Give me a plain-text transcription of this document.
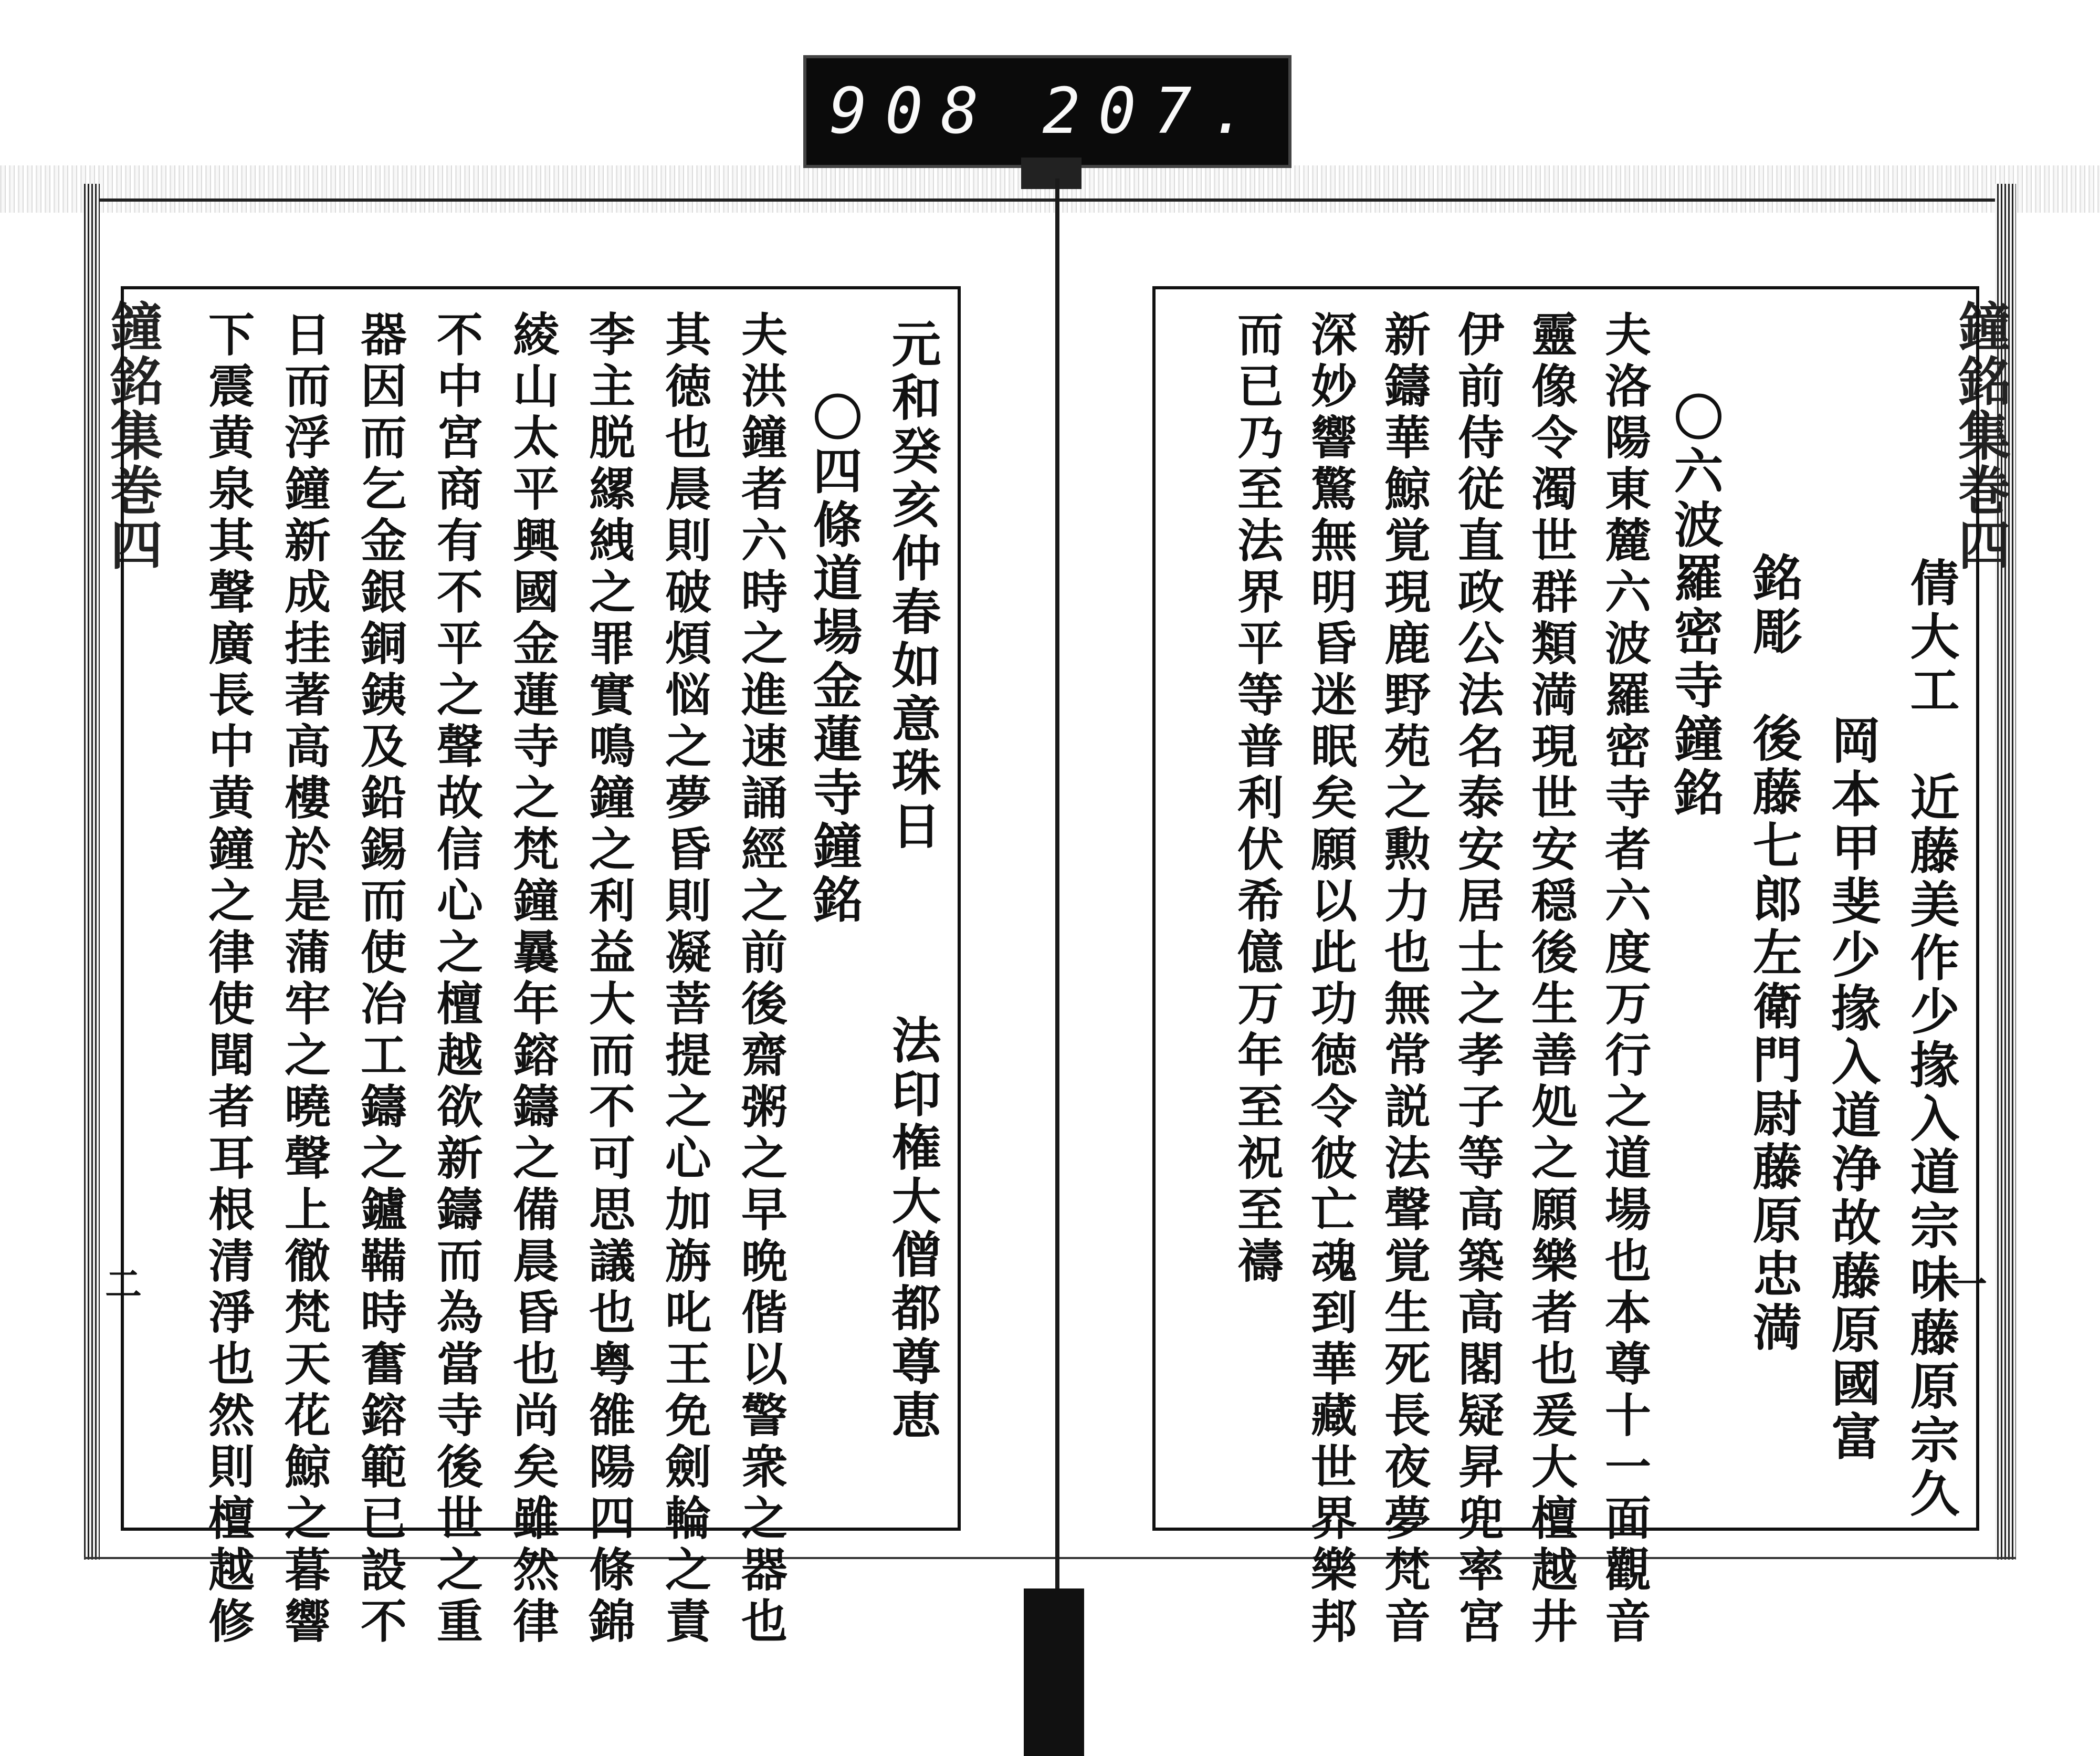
908 207.
鐘銘集巻四
二	元和癸亥仲春如意珠日　　　法印権大僧都尊恵
〇四條道場金蓮寺鐘銘
夫洪鐘者六時之進速誦經之前後齋粥之早晩偕以警衆之器也
其徳也晨則破煩悩之夢昏則凝菩提之心加旃叱王免劍輪之責
李主脱縲絏之罪實鳴鐘之利益大而不可思議也粤雒陽四條錦
綾山太平興國金蓮寺之梵鐘曩年鎔鑄之備晨昏也尚矣雖然律
不中宮商有不平之聲故信心之檀越欲新鑄而為當寺後世之重
器因而乞金銀銅銕及鉛錫而使冶工鑄之鑪鞴時奮鎔範已設不
日而浮鐘新成挂著高樓於是蒲牢之曉聲上徹梵天花鯨之暮響
下震黄泉其聲廣長中黄鐘之律使聞者耳根清淨也然則檀越修	鐘銘集巻四
一
倩大工　近藤美作少掾入道宗味藤原宗久
岡本甲斐少掾入道浄故藤原國富
銘彫　後藤七郎左衛門尉藤原忠満
〇六波羅密寺鐘銘
夫洛陽東麓六波羅密寺者六度万行之道場也本尊十一面觀音
靈像令濁世群類満現世安穏後生善処之願樂者也爰大檀越井
伊前侍従直政公法名泰安居士之孝子等高築高閣疑昇兜率宮
新鑄華鯨覚現鹿野苑之勲力也無常説法聲覚生死長夜夢梵音
深妙響驚無明昏迷眠矣願以此功徳令彼亡魂到華藏世界樂邦
而已乃至法界平等普利伏希億万年至祝至禱
